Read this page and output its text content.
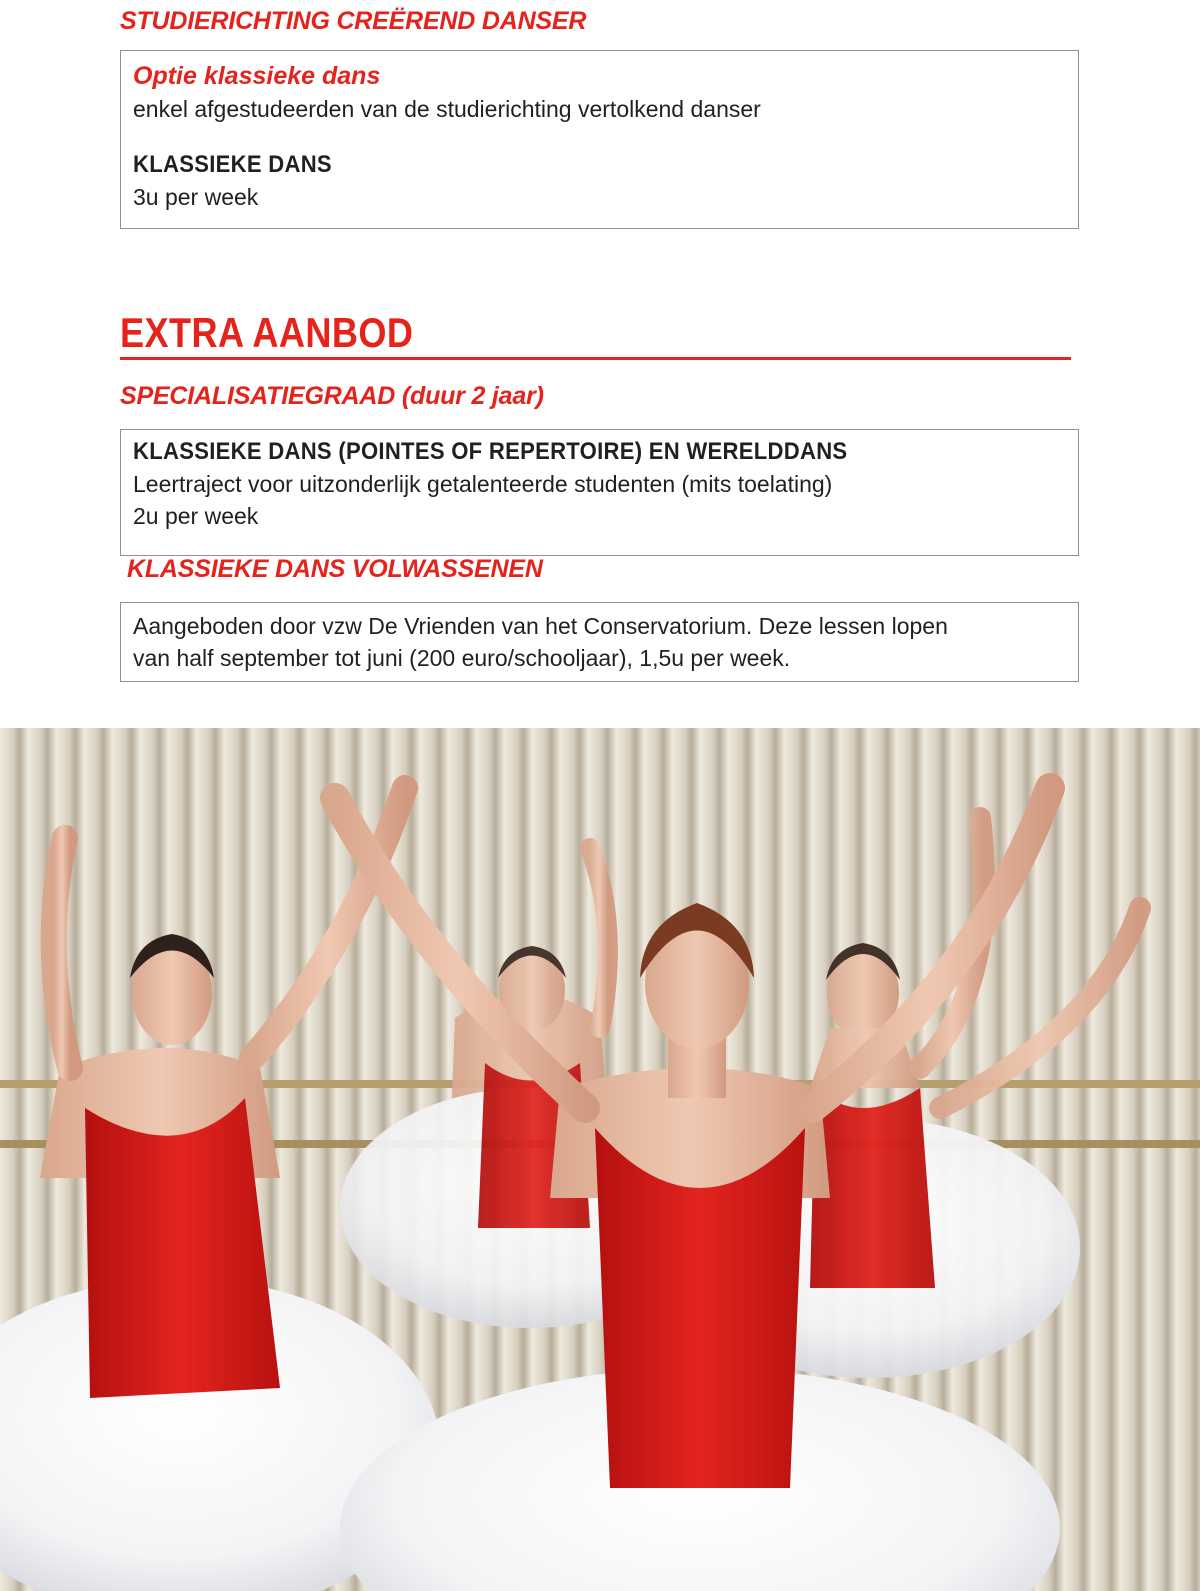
STUDIERICHTING CREËREND DANSER

Optie klassieke dans

enkel afgestudeerden van de studierichting vertolkend danser

KLASSIEKE DANS

3u per week

EXTRA AANBOD
SPECIALISATIEGRAAD (duur 2 jaar)
KLASSIEKE DANS (POINTES OF REPERTOIRE) EN WERELDDANS

Leertraject voor uitzonderlijk getalenteerde studenten (mits toelating)

2u per week

KLASSIEKE DANS VOLWASSENEN

Aangeboden door vzw De Vrienden van het Conservatorium. Deze lessen lopen

van half september tot juni (200 euro/schooljaar), 1,5u per week.
